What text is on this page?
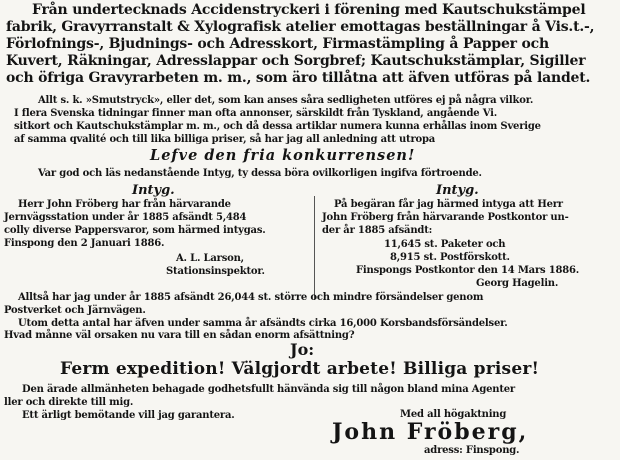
Från undertecknads Accidenstryckeri i förening med Kautschukstämpel

fabrik, Gravyrranstalt & Xylografisk atelier emottagas beställningar å Vis.t.-,

Förlofnings-, Bjudnings- och Adresskort, Firmastämpling å Papper och

Kuvert, Räkningar, Adresslappar och Sorgbref; Kautschukstämplar, Sigiller

och öfriga Gravyrarbeten m. m., som äro tillåtna att äfven utföras på landet.

Allt s. k. »Smutstryck», eller det, som kan anses såra sedligheten utföres ej på några vilkor.

I flera Svenska tidningar finner man ofta annonser, särskildt från Tyskland, angående Vi.

sitkort och Kautschukstämplar m. m., och då dessa artiklar numera kunna erhållas inom Sverige

af samma qvalité och till lika billiga priser, så har jag all anledning att utropa

Lefve den fria konkurrensen!

Var god och läs nedanstående Intyg, ty dessa böra ovilkorligen ingifva förtroende.

Intyg.

Herr John Fröberg har från härvarande

Jernvägsstation under år 1885 afsändt 5,484

colly diverse Pappersvaror, som härmed intygas.

Finspong den 2 Januari 1886.

A. L. Larson,

Stationsinspektor.

Intyg.

På begäran får jag härmed intyga att Herr

John Fröberg från härvarande Postkontor un-

der år 1885 afsändt:

11,645 st. Paketer och

8,915 st. Postförskott.

Finspongs Postkontor den 14 Mars 1886.

Georg Hagelin.

Alltså har jag under år 1885 afsändt 26,044 st. större och mindre försändelser genom

Postverket och Järnvägen.

Utom detta antal har äfven under samma år afsändts cirka 16,000 Korsbandsförsändelser.

Hvad månne väl orsaken nu vara till en sådan enorm afsättning?

Jo:

Ferm expedition! Välgjordt arbete! Billiga priser!

Den ärade allmänheten behagade godhetsfullt hänvända sig till någon bland mina Agenter

ller och direkte till mig.

Ett ärligt bemötande vill jag garantera.	Med all högaktning

John Fröberg,

adress: Finspong.
